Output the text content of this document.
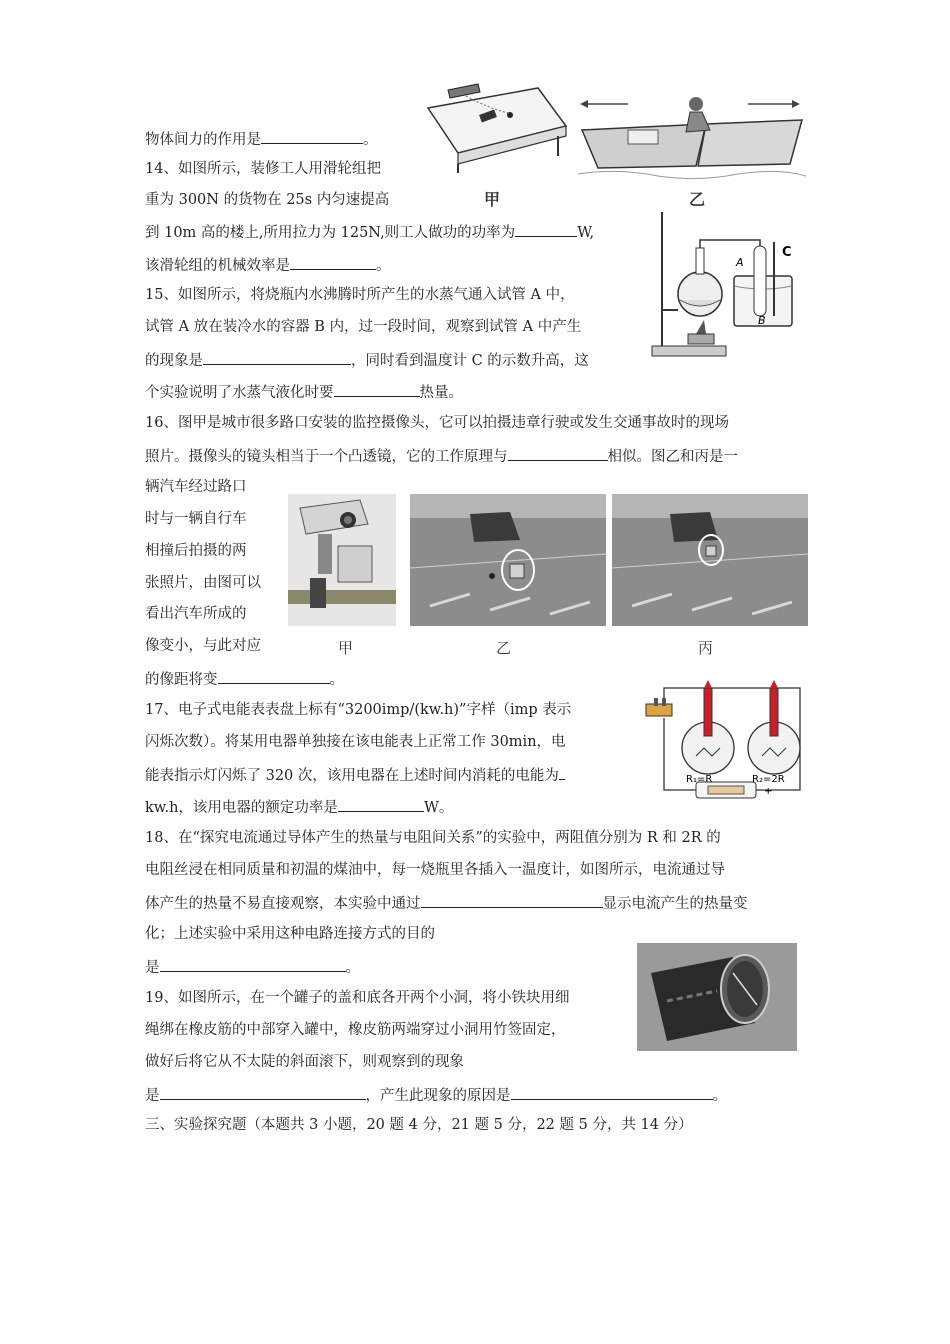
物体间力的作用是	。
甲	乙
14、如图所示，装修工人用滑轮组把
重为 300N 的货物在 25s 内匀速提高
到 10m 高的楼上,所用拉力为 125N,则工人做功的功率为	W,
该滑轮组的机械效率是	。	A
B
C
15、如图所示，将烧瓶内水沸腾时所产生的水蒸气通入试管 A 中，
试管 A 放在装冷水的容器 B 内，过一段时间，观察到试管 A 中产生
的现象是	，同时看到温度计 C 的示数升高，这
个实验说明了水蒸气液化时要	热量。
16、图甲是城市很多路口安装的监控摄像头，它可以拍摄违章行驶或发生交通事故时的现场
照片。摄像头的镜头相当于一个凸透镜，它的工作原理与	相似。图乙和丙是一
辆汽车经过路口
时与一辆自行车
相撞后拍摄的两
张照片，由图可以
看出汽车所成的
像变小，与此对应
的像距将变	。
甲	乙	丙
17、电子式电能表表盘上标有“3200imp/(kw.h)”字样（imp 表示
闪烁次数）。将某用电器单独接在该电能表上正常工作 30min，电
能表指示灯闪烁了 320 次，该用电器在上述时间内消耗的电能为
kw.h，该用电器的额定功率是	W。
R₁=R	R₂=2R
+
18、在“探究电流通过导体产生的热量与电阻间关系”的实验中，两阻值分别为 R 和 2R 的
电阻丝浸在相同质量和初温的煤油中，每一烧瓶里各插入一温度计，如图所示，电流通过导
体产生的热量不易直接观察，本实验中通过	显示电流产生的热量变
化；上述实验中采用这种电路连接方式的目的
是	。
19、如图所示，在一个罐子的盖和底各开两个小洞，将小铁块用细
绳绑在橡皮筋的中部穿入罐中，橡皮筋两端穿过小洞用竹签固定，
做好后将它从不太陡的斜面滚下，则观察到的现象
是	，产生此现象的原因是	。
三、实验探究题（本题共 3 小题，20 题 4 分，21 题 5 分，22 题 5 分，共 14 分）
